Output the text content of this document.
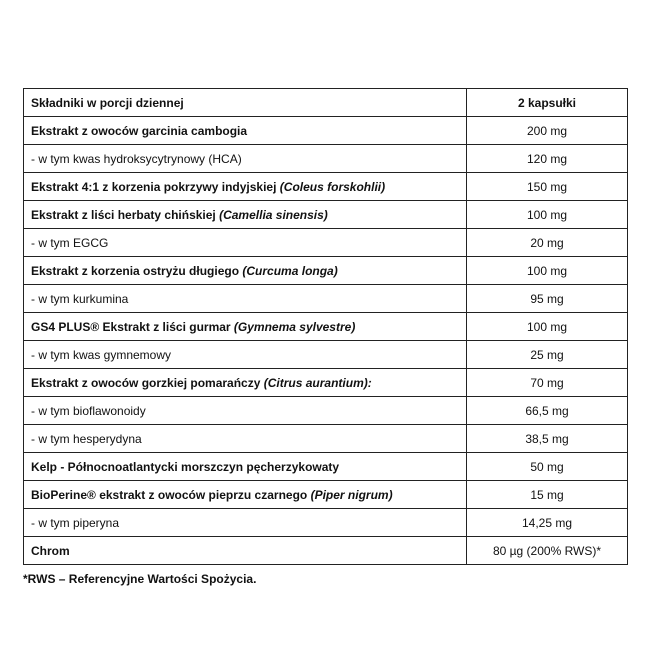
Składniki w porcji dziennej	2 kapsułki
Ekstrakt z owoców garcinia cambogia	200 mg
- w tym kwas hydroksycytrynowy (HCA)	120 mg
Ekstrakt 4:1 z korzenia pokrzywy indyjskiej (Coleus forskohlii)	150 mg
Ekstrakt z liści herbaty chińskiej (Camellia sinensis)	100 mg
- w tym EGCG	20 mg
Ekstrakt z korzenia ostryżu długiego (Curcuma longa)	100 mg
- w tym kurkumina	95 mg
GS4 PLUS® Ekstrakt z liści gurmar (Gymnema sylvestre)	100 mg
- w tym kwas gymnemowy	25 mg
Ekstrakt z owoców gorzkiej pomarańczy (Citrus aurantium):	70 mg
- w tym bioflawonoidy	66,5 mg
- w tym hesperydyna	38,5 mg
Kelp - Północnoatlantycki morszczyn pęcherzykowaty	50 mg
BioPerine® ekstrakt z owoców pieprzu czarnego (Piper nigrum)	15 mg
- w tym piperyna	14,25 mg
Chrom	80 µg (200% RWS)*
*RWS – Referencyjne Wartości Spożycia.
